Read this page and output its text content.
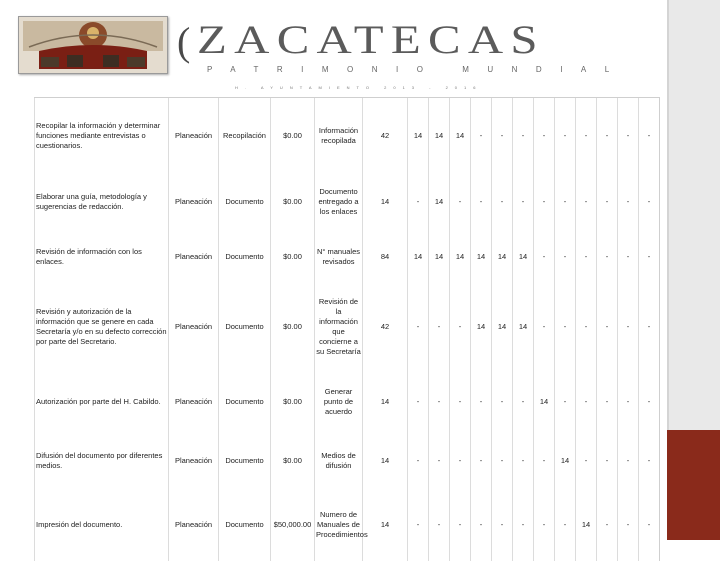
( ZACATECAS
PATRIMONIO MUNDIAL
H. AYUNTAMIENTO 2013 - 2016
Recopilar la información y determinar funciones mediante entrevistas o cuestionarios.	Planeación	Recopilación	$0.00	Información recopilada	42	14	14	14	-	-	-	-	-	-	-	-	-
Elaborar una guía, metodología y sugerencias de redacción.	Planeación	Documento	$0.00	Documento entregado a los enlaces	14	-	14	-	-	-	-	-	-	-	-	-	-
Revisión de información con los enlaces.	Planeación	Documento	$0.00	N° manuales revisados	84	14	14	14	14	14	14	-	-	-	-	-	-
Revisión y autorización de la información que se genere en cada Secretaría y/o en su defecto corrección por parte del Secretario.	Planeación	Documento	$0.00	Revisión de la información que concierne a su Secretaría	42	-	-	-	14	14	14	-	-	-	-	-	-
Autorización por parte del H. Cabildo.	Planeación	Documento	$0.00	Generar punto de acuerdo	14	-	-	-	-	-	-	14	-	-	-	-	-
Difusión del documento por diferentes medios.	Planeación	Documento	$0.00	Medios de difusión	14	-	-	-	-	-	-	-	14	-	-	-	-
Impresión del documento.	Planeación	Documento	$50,000.00	Numero de Manuales de Procedimientos	14	-	-	-	-	-	-	-	-	14	-	-	-
